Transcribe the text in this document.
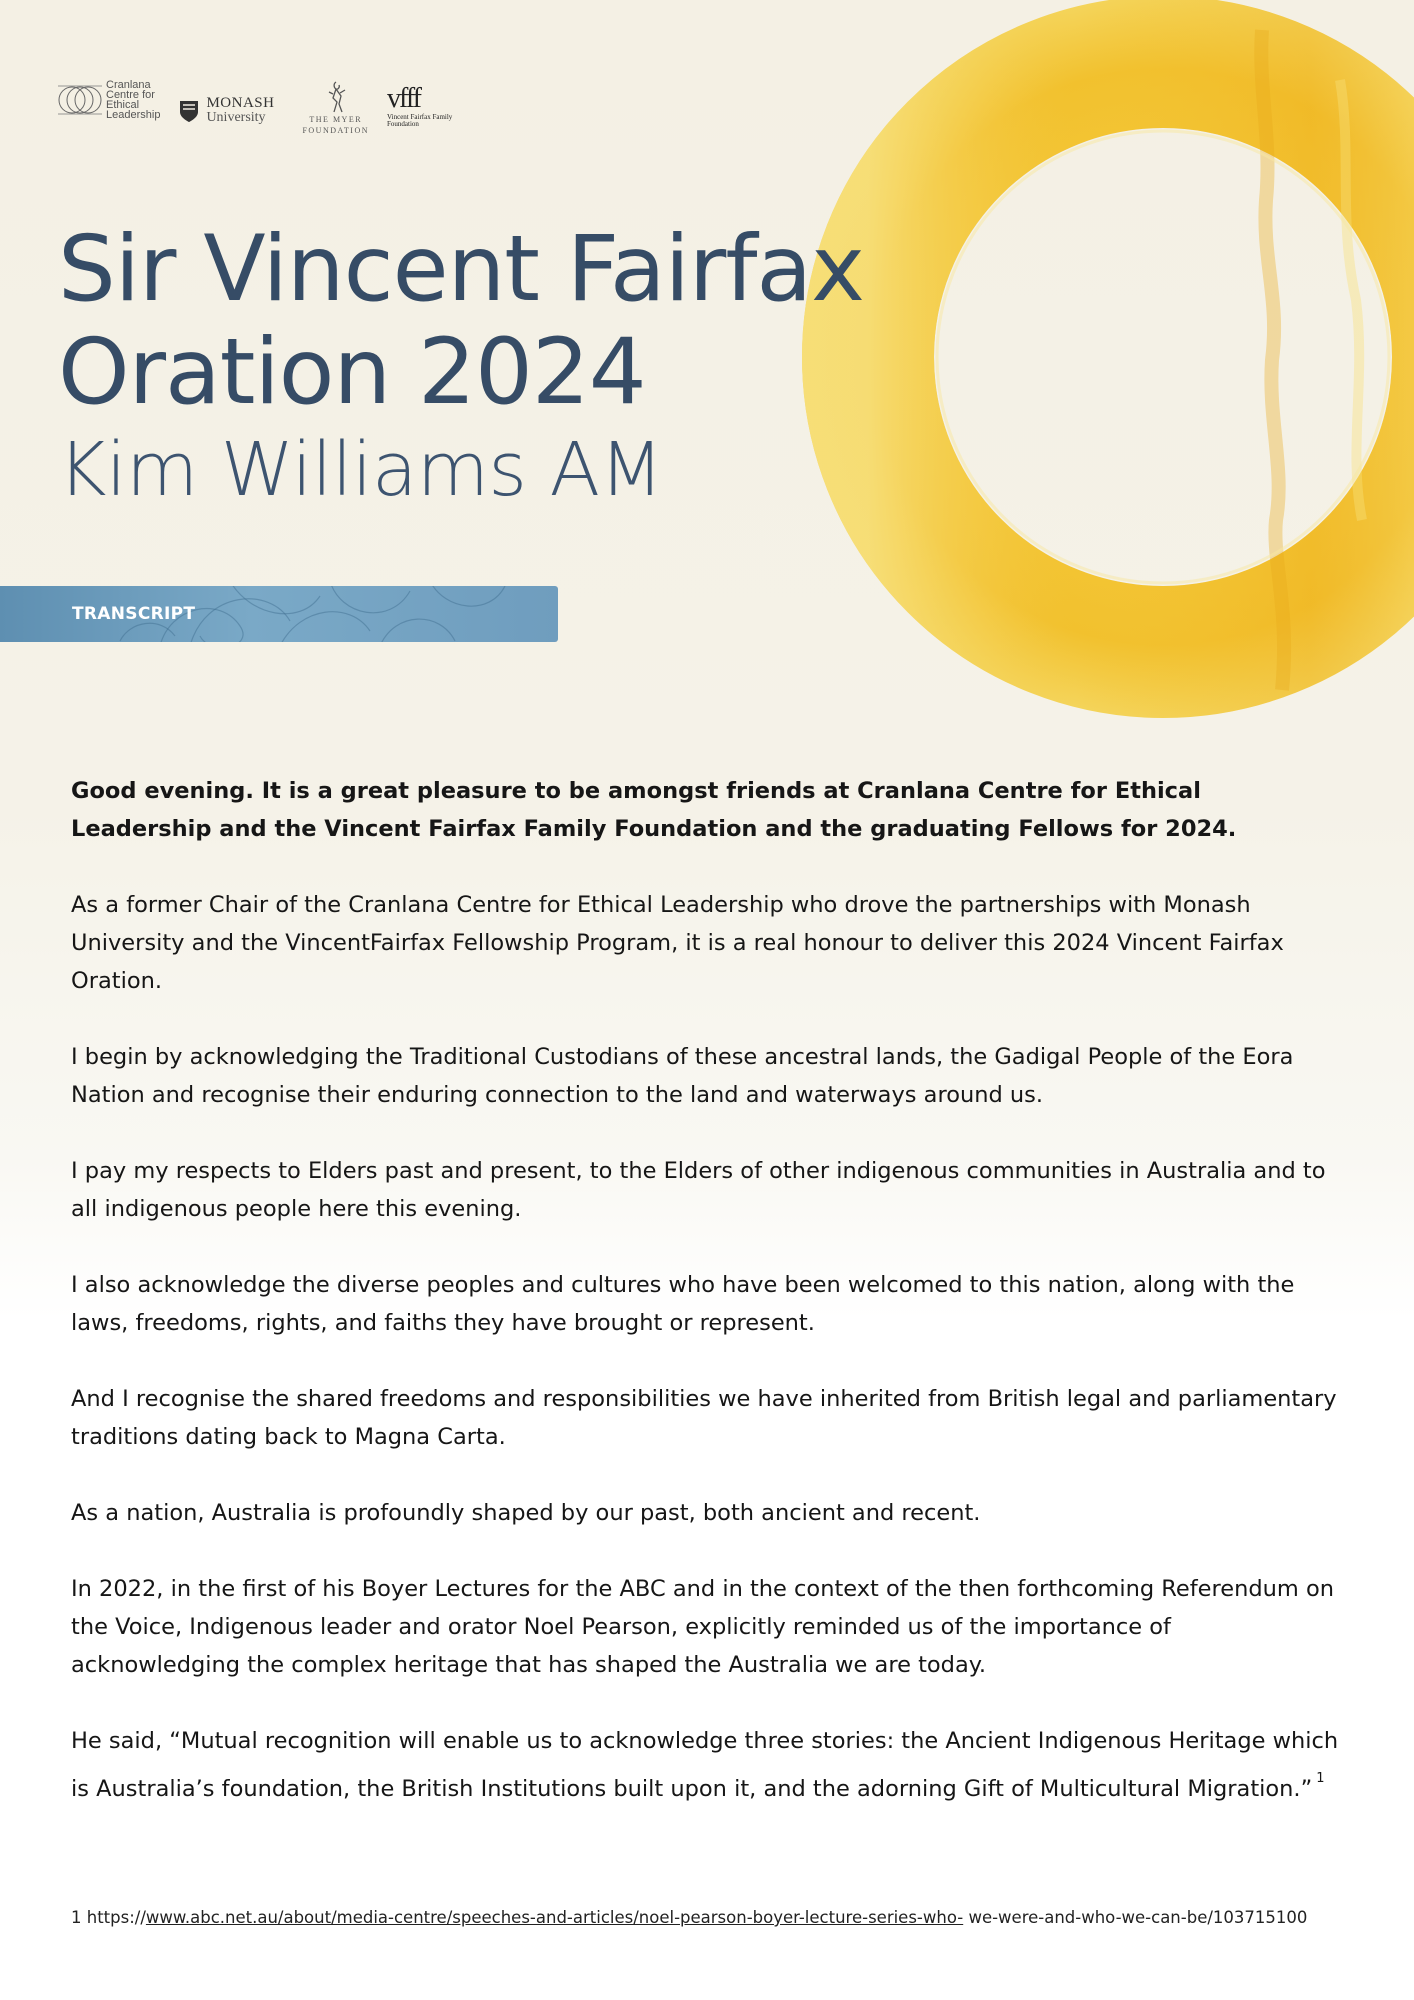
Cranlana
Centre for
Ethical
Leadership
MONASH
University	THE MYER
FOUNDATION
vfff
Vincent Fairfax Family
Foundation
Sir Vincent Fairfax
Oration 2024
Kim Williams AM
TRANSCRIPT

Good evening. It is a great pleasure to be amongst friends at Cranlana Centre for Ethical Leadership and the Vincent Fairfax Family Foundation and the graduating Fellows for 2024.

As a former Chair of the Cranlana Centre for Ethical Leadership who drove the partnerships with Monash University and the VincentFairfax Fellowship Program, it is a real honour to deliver this 2024 Vincent Fairfax Oration.

I begin by acknowledging the Traditional Custodians of these ancestral lands, the Gadigal People of the Eora Nation and recognise their enduring connection to the land and waterways around us.

I pay my respects to Elders past and present, to the Elders of other indigenous communities in Australia and to all indigenous people here this evening.

I also acknowledge the diverse peoples and cultures who have been welcomed to this nation, along with the laws, freedoms, rights, and faiths they have brought or represent.

And I recognise the shared freedoms and responsibilities we have inherited from British legal and parliamentary traditions dating back to Magna Carta.

As a nation, Australia is profoundly shaped by our past, both ancient and recent.

In 2022, in the first of his Boyer Lectures for the ABC and in the context of the then forthcoming Referendum on the Voice, Indigenous leader and orator Noel Pearson, explicitly reminded us of the importance of acknowledging the complex heritage that has shaped the Australia we are today.

He said, “Mutual recognition will enable us to acknowledge three stories: the Ancient Indigenous Heritage which is Australia’s foundation, the British Institutions built upon it, and the adorning Gift of Multicultural Migration.” $^1$

1 https://www.abc.net.au/about/media-centre/speeches-and-articles/noel-pearson-boyer-lecture-series-who- we-were-and-who-we-can-be/103715100
